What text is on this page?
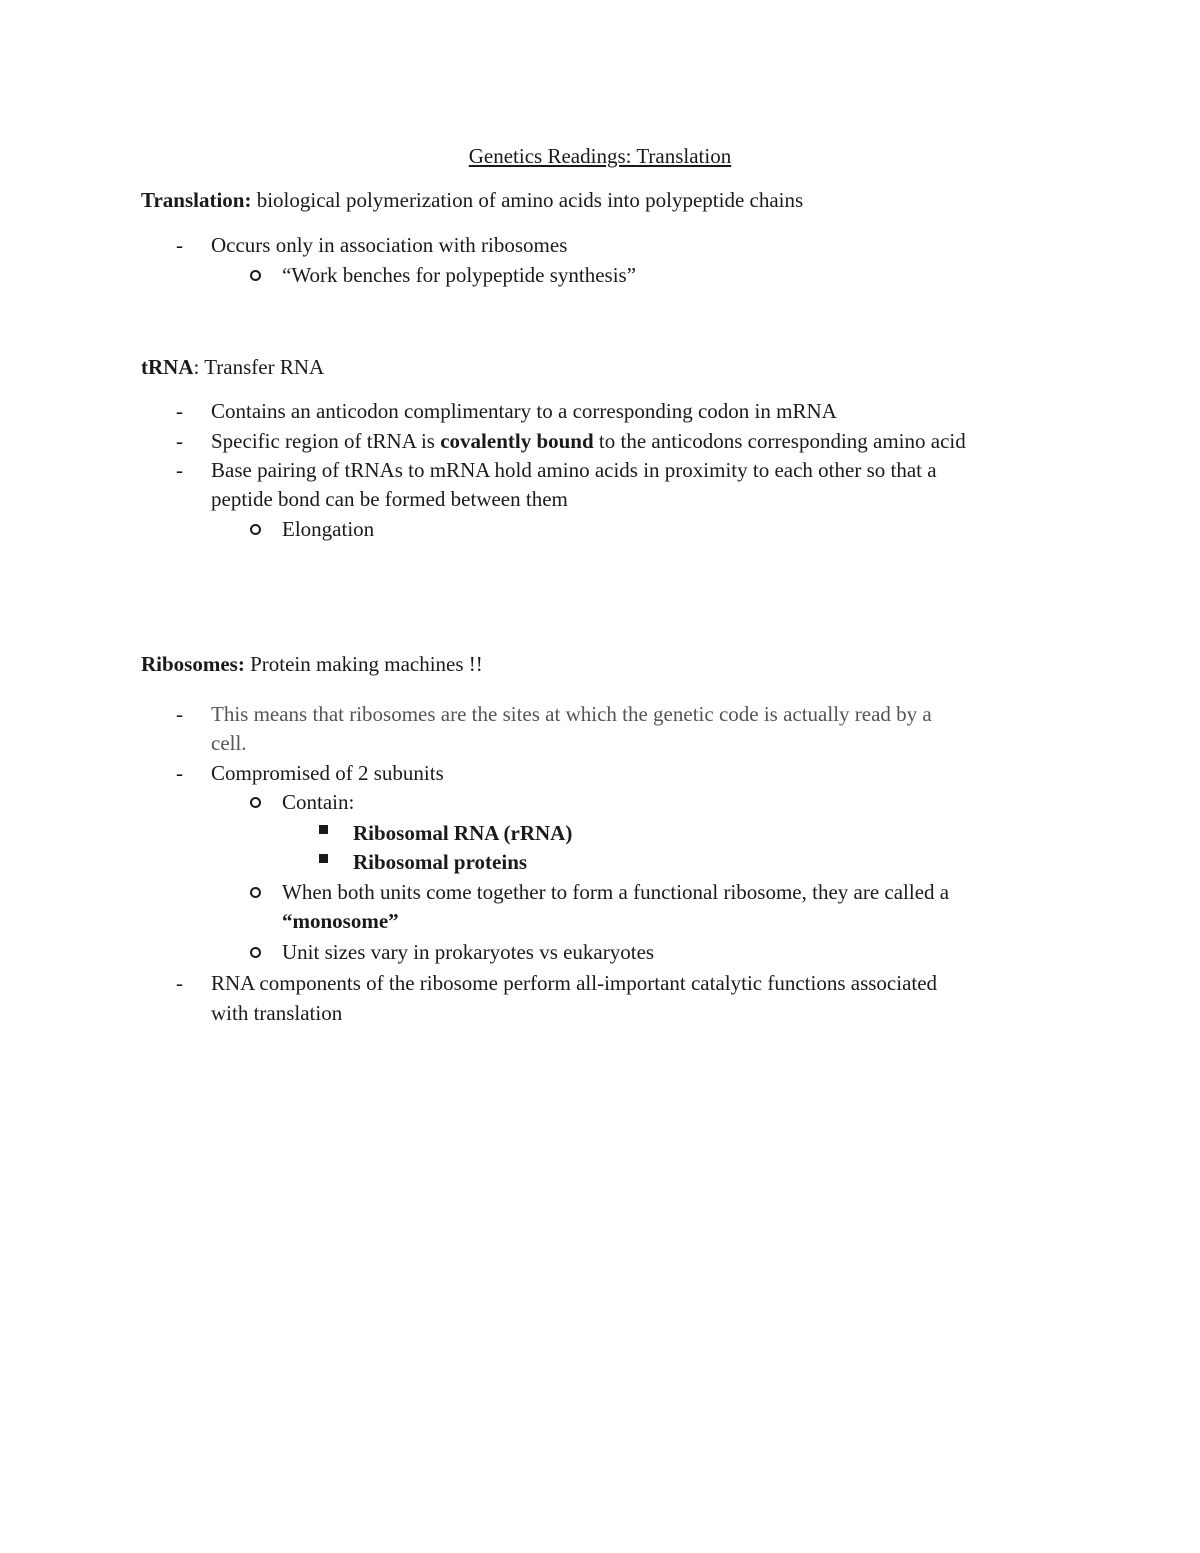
Genetics Readings: Translation
Translation: biological polymerization of amino acids into polypeptide chains
- Occurs only in association with ribosomes
“Work benches for polypeptide synthesis”
tRNA: Transfer RNA
- Contains an anticodon complimentary to a corresponding codon in mRNA
- Specific region of tRNA is covalently bound to the anticodons corresponding amino acid
- Base pairing of tRNAs to mRNA hold amino acids in proximity to each other so that a
peptide bond can be formed between them
Elongation
Ribosomes: Protein making machines !!
- This means that ribosomes are the sites at which the genetic code is actually read by a
cell.
- Compromised of 2 subunits
Contain:
Ribosomal RNA (rRNA)
Ribosomal proteins
When both units come together to form a functional ribosome, they are called a
“monosome”
Unit sizes vary in prokaryotes vs eukaryotes
- RNA components of the ribosome perform all-important catalytic functions associated
with translation
